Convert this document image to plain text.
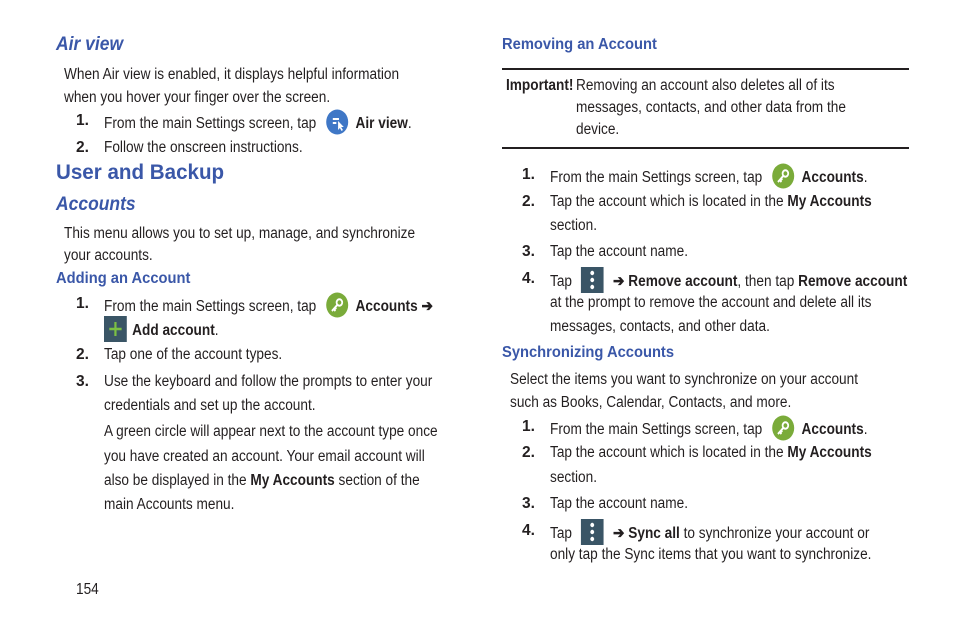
Air view
When Air view is enabled, it displays helpful information
when you hover your finger over the screen.
1. From the main Settings screen, tap	Air view.
2. Follow the onscreen instructions.
User and Backup
Accounts
This menu allows you to set up, manage, and synchronize
your accounts.
Adding an Account
1. From the main Settings screen, tap	Accounts ➔
Add account.
2. Tap one of the account types.
3. Use the keyboard and follow the prompts to enter your
credentials and set up the account.
A green circle will appear next to the account type once
you have created an account. Your email account will
also be displayed in the My Accounts section of the
main Accounts menu.
154
Removing an Account
Important! Removing an account also deletes all of its
messages, contacts, and other data from the
device.
1. From the main Settings screen, tap	Accounts.
2. Tap the account which is located in the My Accounts
section.
3. Tap the account name.
4. Tap	➔ Remove account, then tap Remove account
at the prompt to remove the account and delete all its
messages, contacts, and other data.
Synchronizing Accounts
Select the items you want to synchronize on your account
such as Books, Calendar, Contacts, and more.
1. From the main Settings screen, tap	Accounts.
2. Tap the account which is located in the My Accounts
section.
3. Tap the account name.
4. Tap	➔ Sync all to synchronize your account or
only tap the Sync items that you want to synchronize.
